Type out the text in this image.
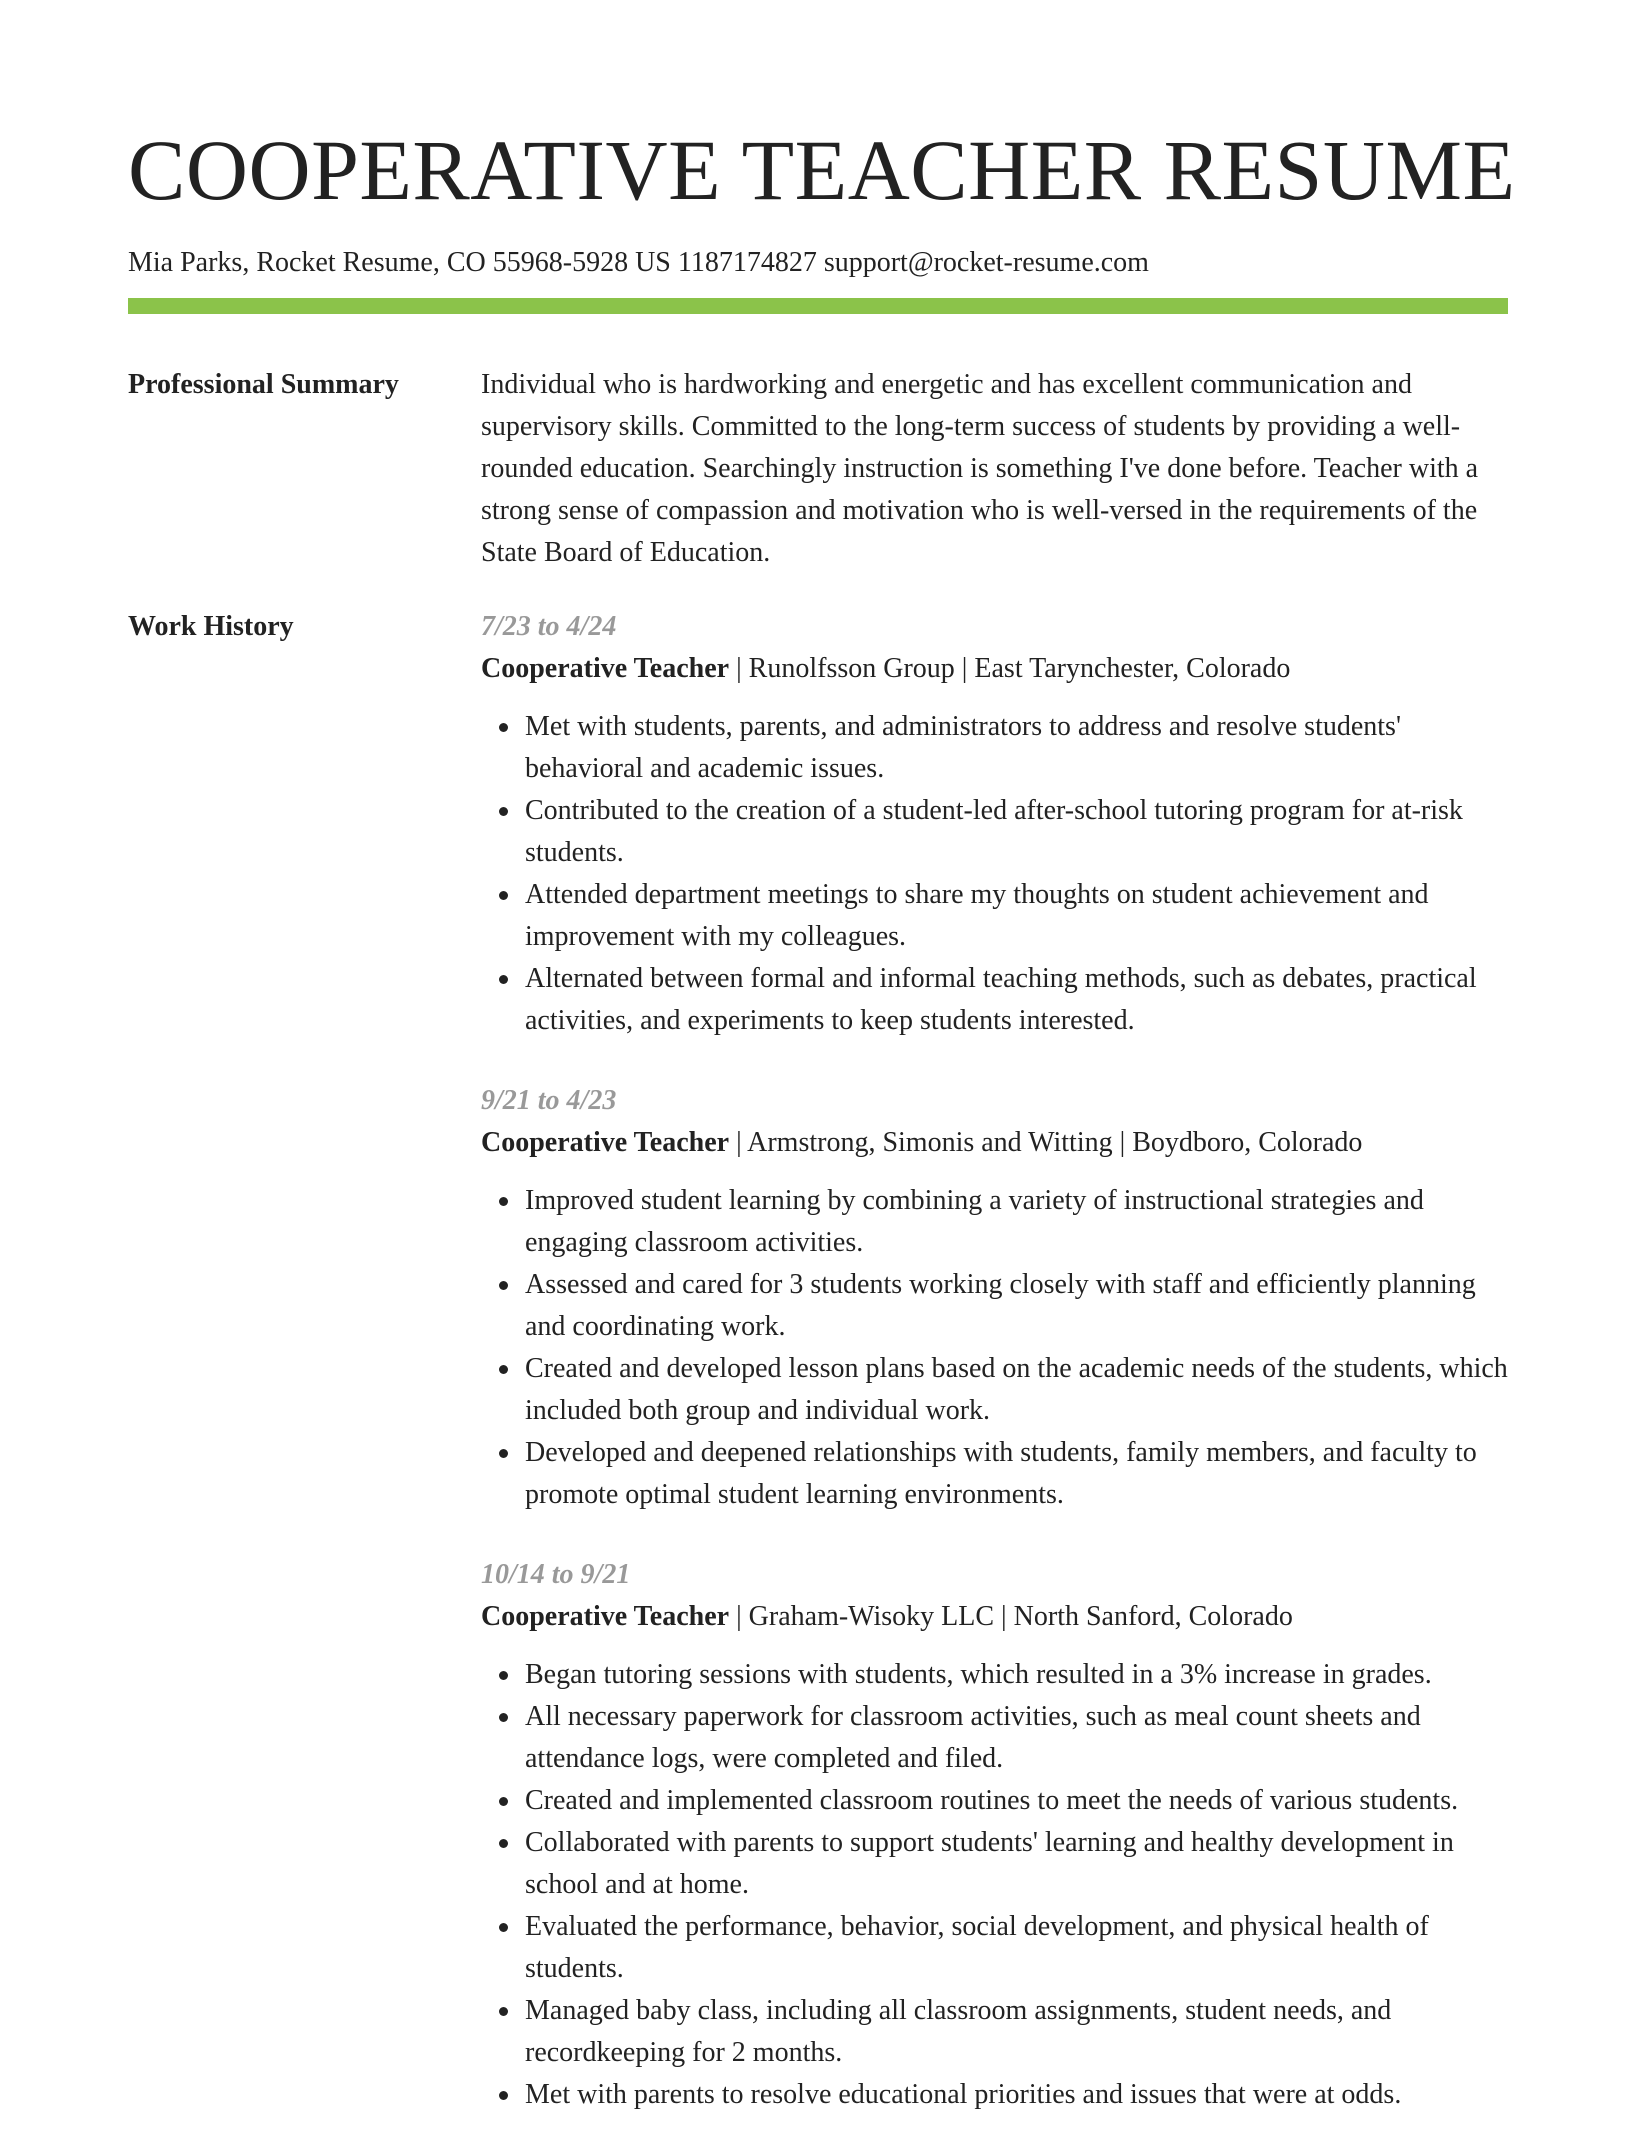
COOPERATIVE TEACHER RESUME
Mia Parks, Rocket Resume, CO 55968-5928 US 1187174827 support@rocket-resume.com
Professional Summary	Individual who is hardworking and energetic and has excellent communication and supervisory skills. Committed to the long-term success of students by providing a well-rounded education. Searchingly instruction is something I've done before. Teacher with a strong sense of compassion and motivation who is well-versed in the requirements of the State Board of Education.

Work History	7/23 to 4/24
Cooperative Teacher | Runolfsson Group | East Tarynchester, Colorado
Met with students, parents, and administrators to address and resolve students' behavioral and academic issues.
Contributed to the creation of a student-led after-school tutoring program for at-risk students.
Attended department meetings to share my thoughts on student achievement and improvement with my colleagues.
Alternated between formal and informal teaching methods, such as debates, practical activities, and experiments to keep students interested.
9/21 to 4/23
Cooperative Teacher | Armstrong, Simonis and Witting | Boydboro, Colorado
Improved student learning by combining a variety of instructional strategies and engaging classroom activities.
Assessed and cared for 3 students working closely with staff and efficiently planning and coordinating work.
Created and developed lesson plans based on the academic needs of the students, which included both group and individual work.
Developed and deepened relationships with students, family members, and faculty to promote optimal student learning environments.
10/14 to 9/21
Cooperative Teacher | Graham-Wisoky LLC | North Sanford, Colorado
Began tutoring sessions with students, which resulted in a 3% increase in grades.
All necessary paperwork for classroom activities, such as meal count sheets and attendance logs, were completed and filed.
Created and implemented classroom routines to meet the needs of various students.
Collaborated with parents to support students' learning and healthy development in school and at home.
Evaluated the performance, behavior, social development, and physical health of students.
Managed baby class, including all classroom assignments, student needs, and recordkeeping for 2 months.
Met with parents to resolve educational priorities and issues that were at odds.
